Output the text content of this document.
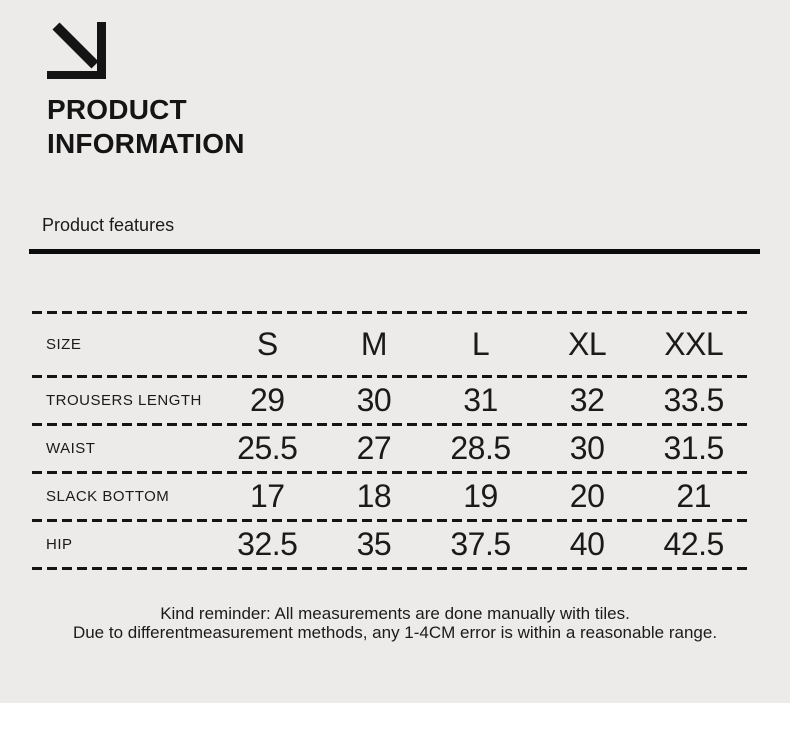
PRODUCT
INFORMATION
Product features
SIZE	S	M	L	XL	XXL
TROUSERS LENGTH	29	30	31	32	33.5
WAIST	25.5	27	28.5	30	31.5
SLACK BOTTOM	17	18	19	20	21
HIP	32.5	35	37.5	40	42.5
Kind reminder: All measurements are done manually with tiles.
Due to differentmeasurement methods, any 1-4CM error is within a reasonable range.
